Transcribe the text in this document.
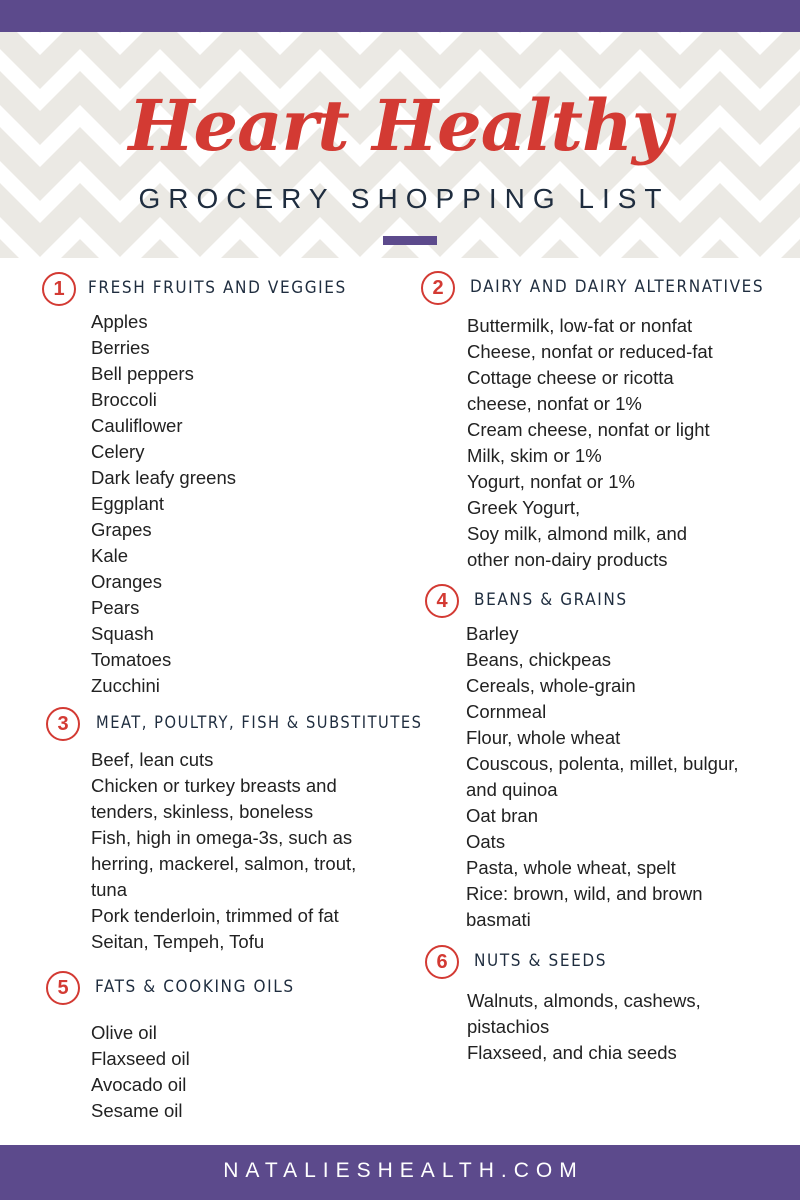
Heart Healthy
GROCERY SHOPPING LIST
1	FRESH FRUITS AND VEGGIES
Apples
Berries
Bell peppers
Broccoli
Cauliflower
Celery
Dark leafy greens
Eggplant
Grapes
Kale
Oranges
Pears
Squash
Tomatoes
Zucchini
2	DAIRY AND DAIRY ALTERNATIVES
Buttermilk, low-fat or nonfat
Cheese, nonfat or reduced-fat
Cottage cheese or ricotta
cheese, nonfat or 1%
Cream cheese, nonfat or light
Milk, skim or 1%
Yogurt, nonfat or 1%
Greek Yogurt,
Soy milk, almond milk, and
other non-dairy products
3	MEAT, POULTRY, FISH & SUBSTITUTES
Beef, lean cuts
Chicken or turkey breasts and
tenders, skinless, boneless
Fish, high in omega-3s, such as
herring, mackerel, salmon, trout,
tuna
Pork tenderloin, trimmed of fat
Seitan, Tempeh, Tofu
4	BEANS & GRAINS
Barley
Beans, chickpeas
Cereals, whole-grain
Cornmeal
Flour, whole wheat
Couscous, polenta, millet, bulgur,
and quinoa
Oat bran
Oats
Pasta, whole wheat, spelt
Rice: brown, wild, and brown
basmati
5	FATS & COOKING OILS
Olive oil
Flaxseed oil
Avocado oil
Sesame oil
6	NUTS & SEEDS
Walnuts, almonds, cashews,
pistachios
Flaxseed, and chia seeds
NATALIESHEALTH.COM
